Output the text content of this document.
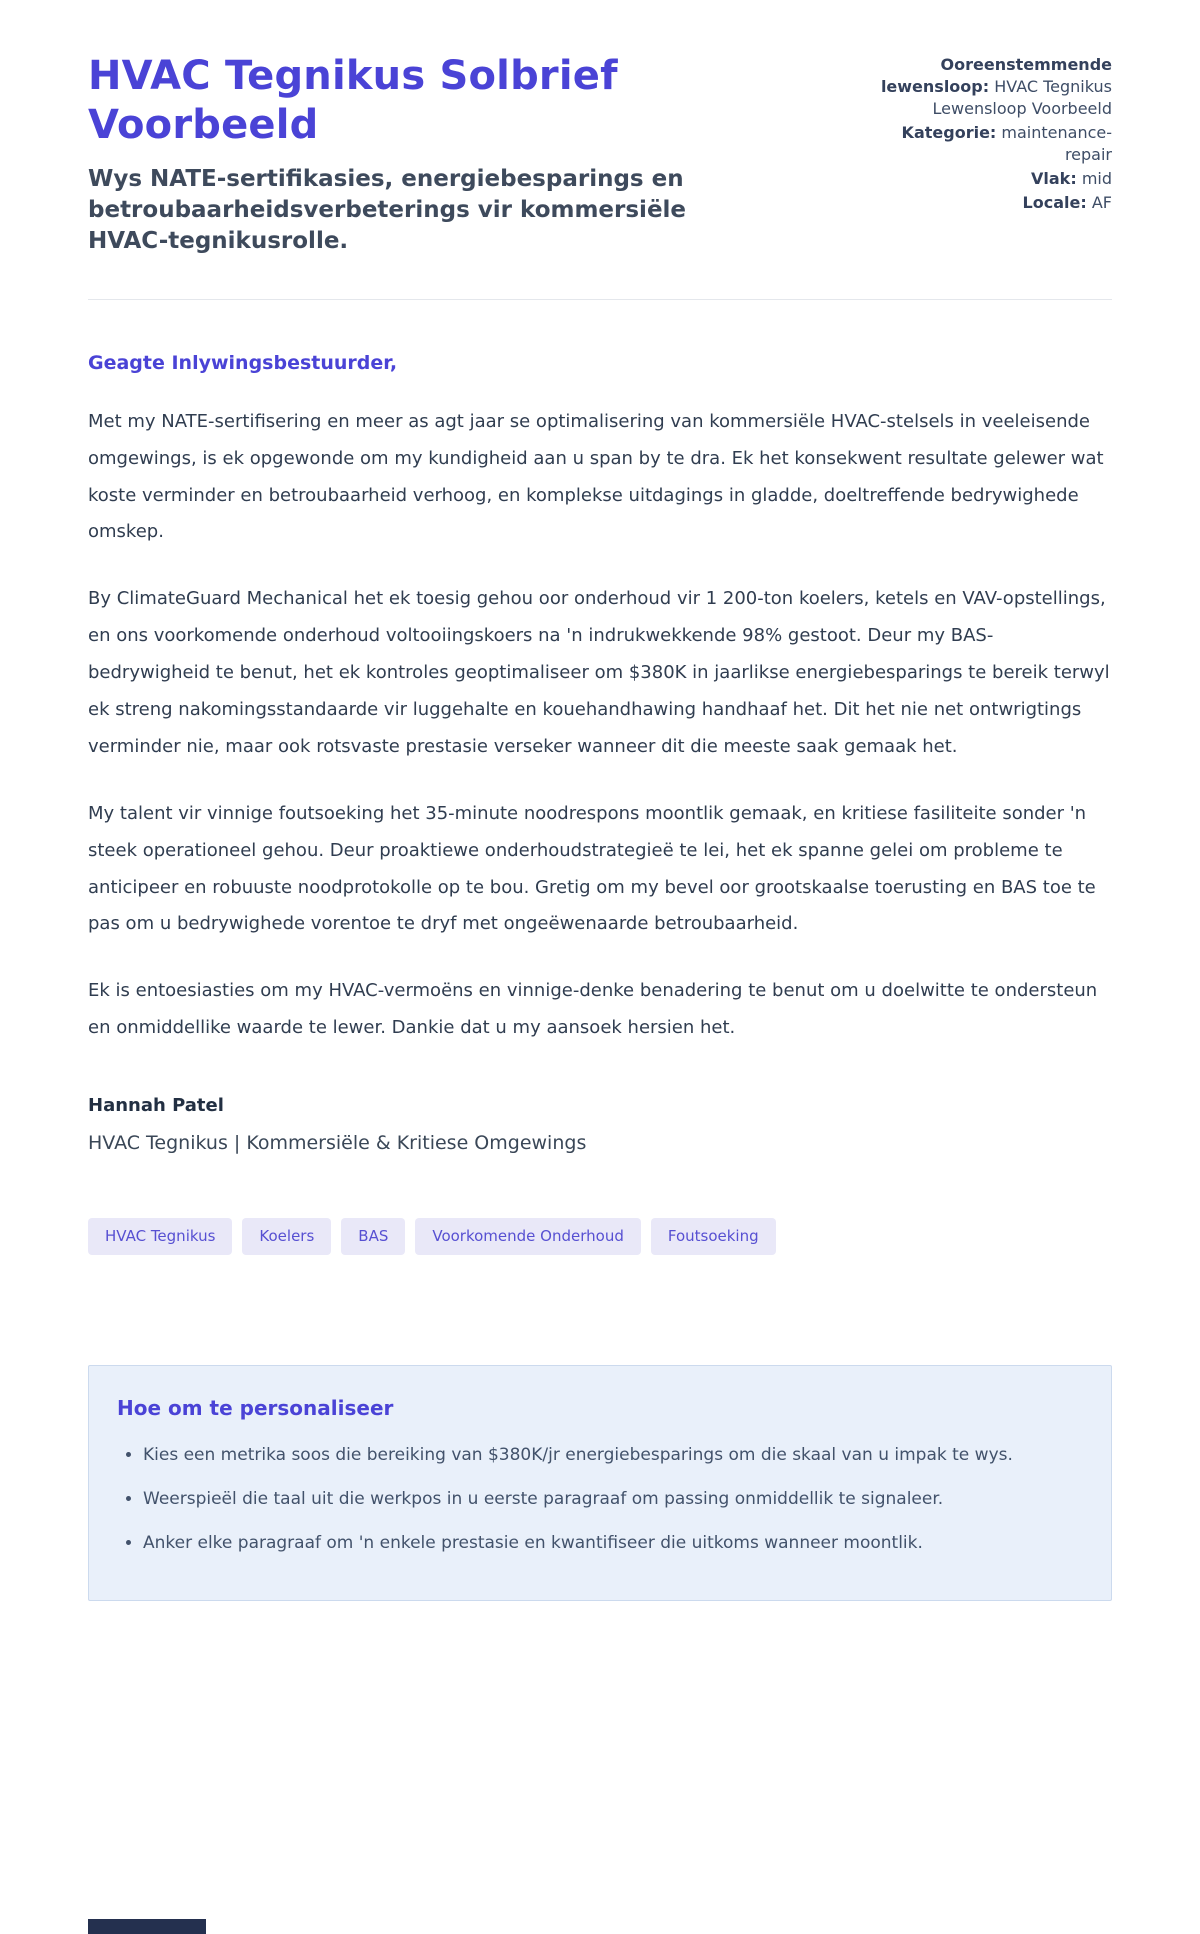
HVAC Tegnikus Solbrief Voorbeeld
Wys NATE-sertifikasies, energiebesparings en betroubaarheidsverbeterings vir kommersiële HVAC-tegnikusrolle.
Ooreenstemmende lewensloop: HVAC Tegnikus Lewensloop Voorbeeld
Kategorie: maintenance-repair
Vlak: mid
Locale: AF
Geagte Inlywingsbestuurder,

Met my NATE-sertifisering en meer as agt jaar se optimalisering van kommersiële HVAC-stelsels in veeleisende omgewings, is ek opgewonde om my kundigheid aan u span by te dra. Ek het konsekwent resultate gelewer wat koste verminder en betroubaarheid verhoog, en komplekse uitdagings in gladde, doeltreffende bedrywighede omskep.

By ClimateGuard Mechanical het ek toesig gehou oor onderhoud vir 1 200-ton koelers, ketels en VAV-opstellings, en ons voorkomende onderhoud voltooiingskoers na 'n indrukwekkende 98% gestoot. Deur my BAS-bedrywigheid te benut, het ek kontroles geoptimaliseer om $380K in jaarlikse energiebesparings te bereik terwyl ek streng nakomingsstandaarde vir luggehalte en kouehandhawing handhaaf het. Dit het nie net ontwrigtings verminder nie, maar ook rotsvaste prestasie verseker wanneer dit die meeste saak gemaak het.

My talent vir vinnige foutsoeking het 35-minute noodrespons moontlik gemaak, en kritiese fasiliteite sonder 'n steek operationeel gehou. Deur proaktiewe onderhoudstrategieë te lei, het ek spanne gelei om probleme te anticipeer en robuuste noodprotokolle op te bou. Gretig om my bevel oor grootskaalse toerusting en BAS toe te pas om u bedrywighede vorentoe te dryf met ongeëwenaarde betroubaarheid.

Ek is entoesiasties om my HVAC-vermoëns en vinnige-denke benadering te benut om u doelwitte te ondersteun en onmiddellike waarde te lewer. Dankie dat u my aansoek hersien het.

Hannah Patel
HVAC Tegnikus | Kommersiële & Kritiese Omgewings
HVAC Tegnikus	Koelers	BAS	Voorkomende Onderhoud	Foutsoeking
Hoe om te personaliseer
• Kies een metrika soos die bereiking van $380K/jr energiebesparings om die skaal van u impak te wys.
• Weerspieël die taal uit die werkpos in u eerste paragraaf om passing onmiddellik te signaleer.
• Anker elke paragraaf om 'n enkele prestasie en kwantifiseer die uitkoms wanneer moontlik.
